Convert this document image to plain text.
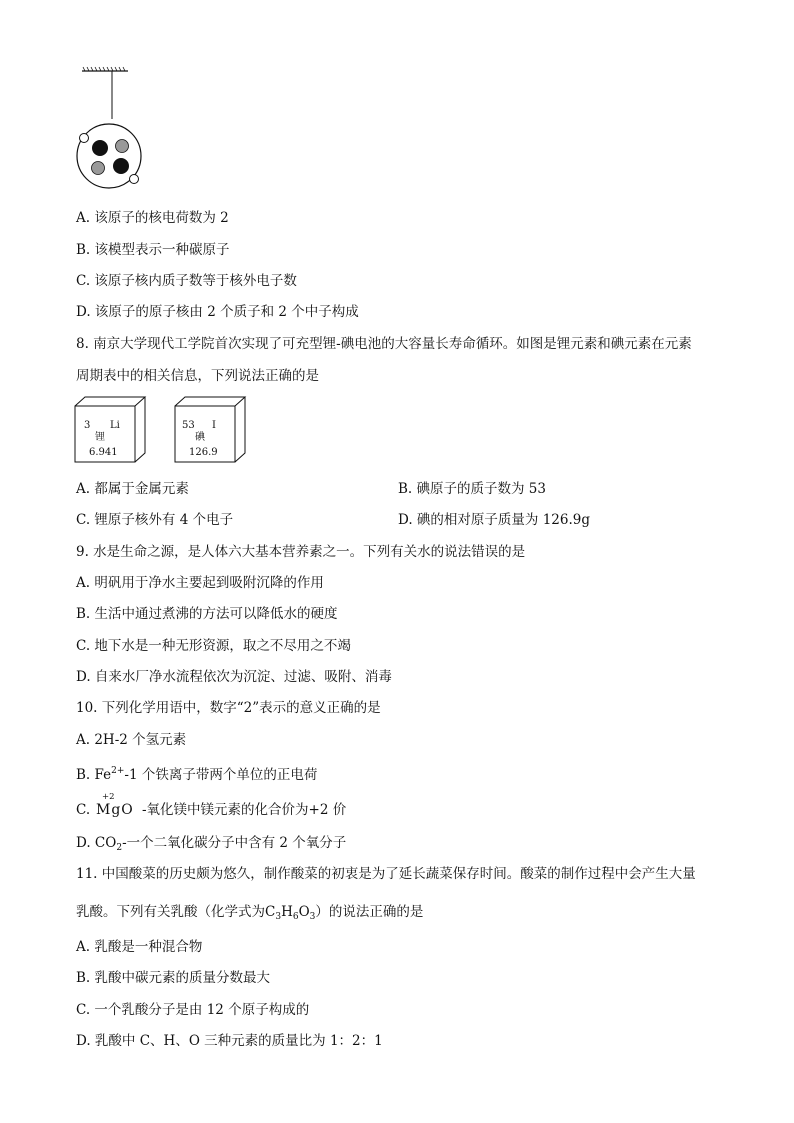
A. 该原子的核电荷数为 2
B. 该模型表示一种碳原子
C. 该原子核内质子数等于核外电子数
D. 该原子的原子核由 2 个质子和 2 个中子构成
8. 南京大学现代工学院首次实现了可充型锂-碘电池的大容量长寿命循环。如图是锂元素和碘元素在元素
周期表中的相关信息，下列说法正确的是
3 Li
锂
6.941
53 I
碘
126.9
A. 都属于金属元素	B. 碘原子的质子数为 53
C. 锂原子核外有 4 个电子	D. 碘的相对原子质量为 126.9g
9. 水是生命之源，是人体六大基本营养素之一。下列有关水的说法错误的是
A. 明矾用于净水主要起到吸附沉降的作用
B. 生活中通过煮沸的方法可以降低水的硬度
C. 地下水是一种无形资源，取之不尽用之不竭
D. 自来水厂净水流程依次为沉淀、过滤、吸附、消毒
10. 下列化学用语中，数字“2”表示的意义正确的是
A. 2H-2 个氢元素
B. $Fe^{2+}-1$ 个铁离子带两个单位的正电荷
C.
+2
MgO -氧化镁中镁元素的化合价为+2 价
D. $CO_2-$一个二氧化碳分子中含有 2 个氧分子
11. 中国酸菜的历史颇为悠久，制作酸菜的初衷是为了延长蔬菜保存时间。酸菜的制作过程中会产生大量
乳酸。下列有关乳酸（化学式为$C_3H_6O_3$）的说法正确的是
A. 乳酸是一种混合物
B. 乳酸中碳元素的质量分数最大
C. 一个乳酸分子是由 12 个原子构成的
D. 乳酸中 C、H、O 三种元素的质量比为 1：2：1
